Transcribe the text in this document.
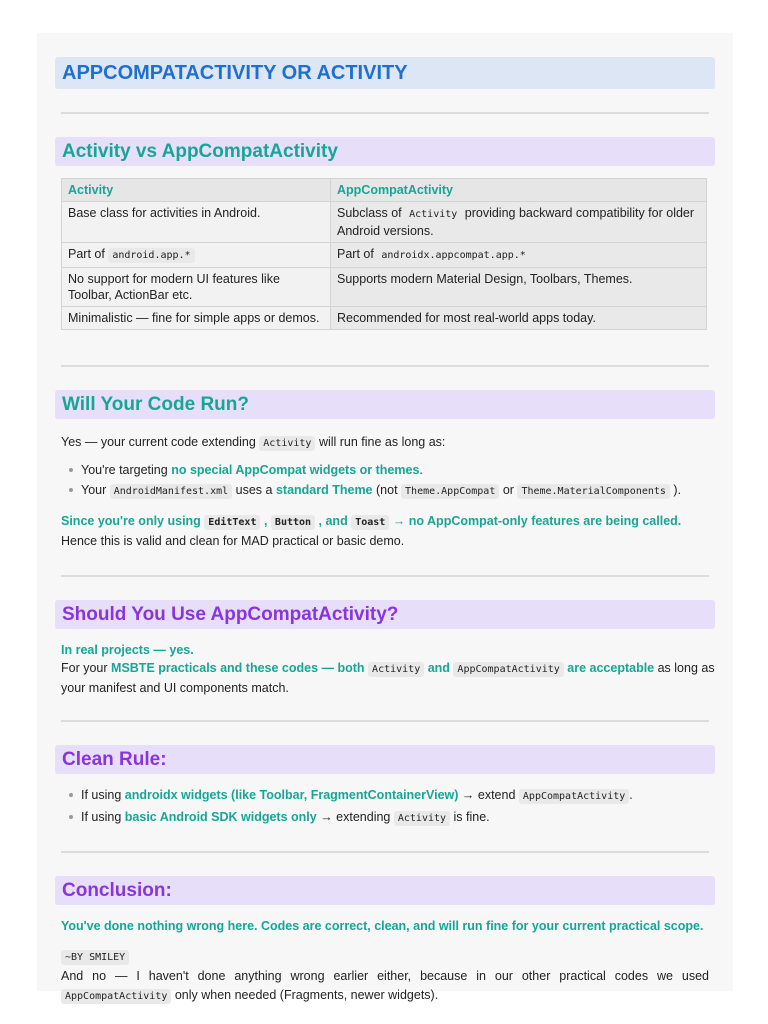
APPCOMPATACTIVITY OR ACTIVITY
Activity vs AppCompatActivity
Activity	AppCompatActivity
Base class for activities in Android.	Subclass of Activity providing backward compatibility for older Android versions.
Part of android.app.*	Part of androidx.appcompat.app.*
No support for modern UI features like Toolbar, ActionBar etc.	Supports modern Material Design, Toolbars, Themes.
Minimalistic — fine for simple apps or demos.	Recommended for most real-world apps today.
Will Your Code Run?

Yes — your current code extending Activity will run fine as long as:

You're targeting no special AppCompat widgets or themes.
Your AndroidManifest.xml uses a standard Theme (not Theme.AppCompat or Theme.MaterialComponents ).

Since you're only using EditText , Button , and Toast → no AppCompat-only features are being called.

Hence this is valid and clean for MAD practical or basic demo.

Should You Use AppCompatActivity?

In real projects — yes.

For your MSBTE practicals and these codes — both Activity and AppCompatActivity are acceptable as long as your manifest and UI components match.

Clean Rule:
If using androidx widgets (like Toolbar, FragmentContainerView) → extend AppCompatActivity .
If using basic Android SDK widgets only → extending Activity is fine.
Conclusion:

You've done nothing wrong here. Codes are correct, clean, and will run fine for your current practical scope.

~BY SMILEY

And no — I haven't done anything wrong earlier either, because in our other practical codes we used AppCompatActivity only when needed (Fragments, newer widgets).
